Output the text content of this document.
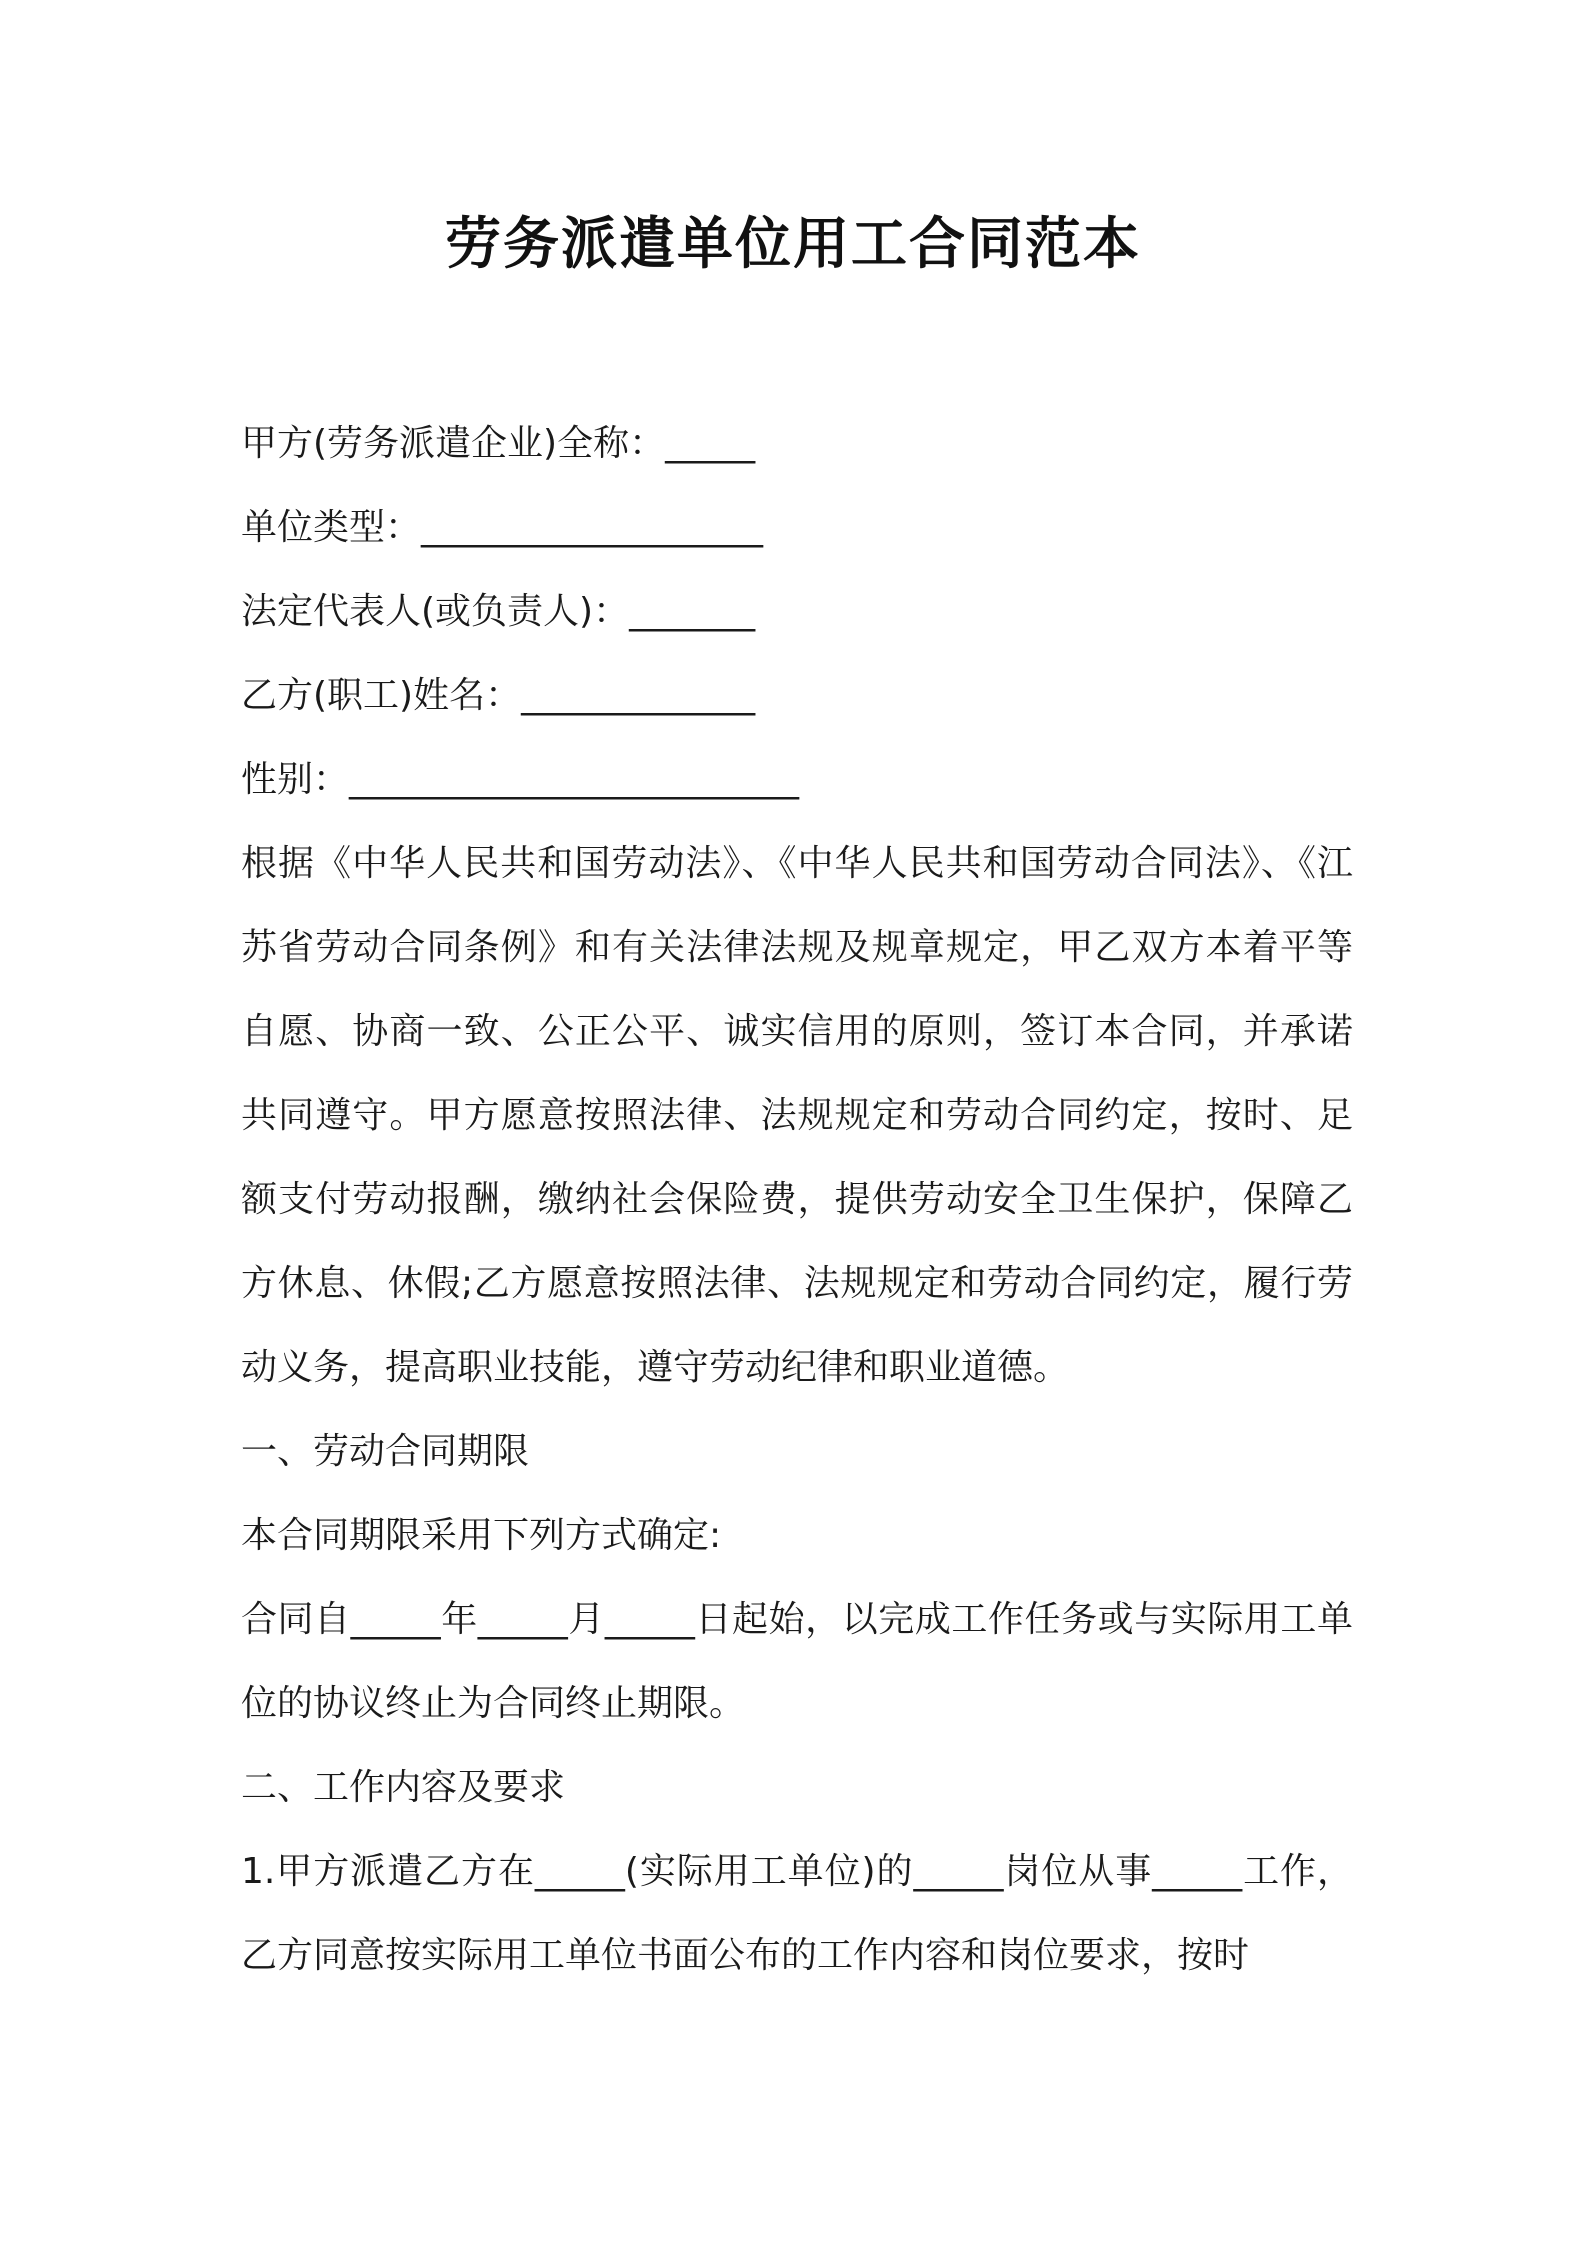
劳务派遣单位用工合同范本
甲方(劳务派遣企业)全称：_____
单位类型：___________________
法定代表人(或负责人)：_______
乙方(职工)姓名：_____________
性别：_________________________
根据《中华人民共和国劳动法》、《中华人民共和国劳动合同法》、《江苏省劳动合同条例》和有关法律法规及规章规定，甲乙双方本着平等自愿、协商一致、公正公平、诚实信用的原则，签订本合同，并承诺共同遵守。甲方愿意按照法律、法规规定和劳动合同约定，按时、足额支付劳动报酬，缴纳社会保险费，提供劳动安全卫生保护，保障乙方休息、休假;乙方愿意按照法律、法规规定和劳动合同约定，履行劳动义务，提高职业技能，遵守劳动纪律和职业道德。
一、劳动合同期限
本合同期限采用下列方式确定:
合同自_____年_____月_____日起始，以完成工作任务或与实际用工单位的协议终止为合同终止期限。
二、工作内容及要求
1.甲方派遣乙方在_____(实际用工单位)的_____岗位从事_____工作，乙方同意按实际用工单位书面公布的工作内容和岗位要求，按时
